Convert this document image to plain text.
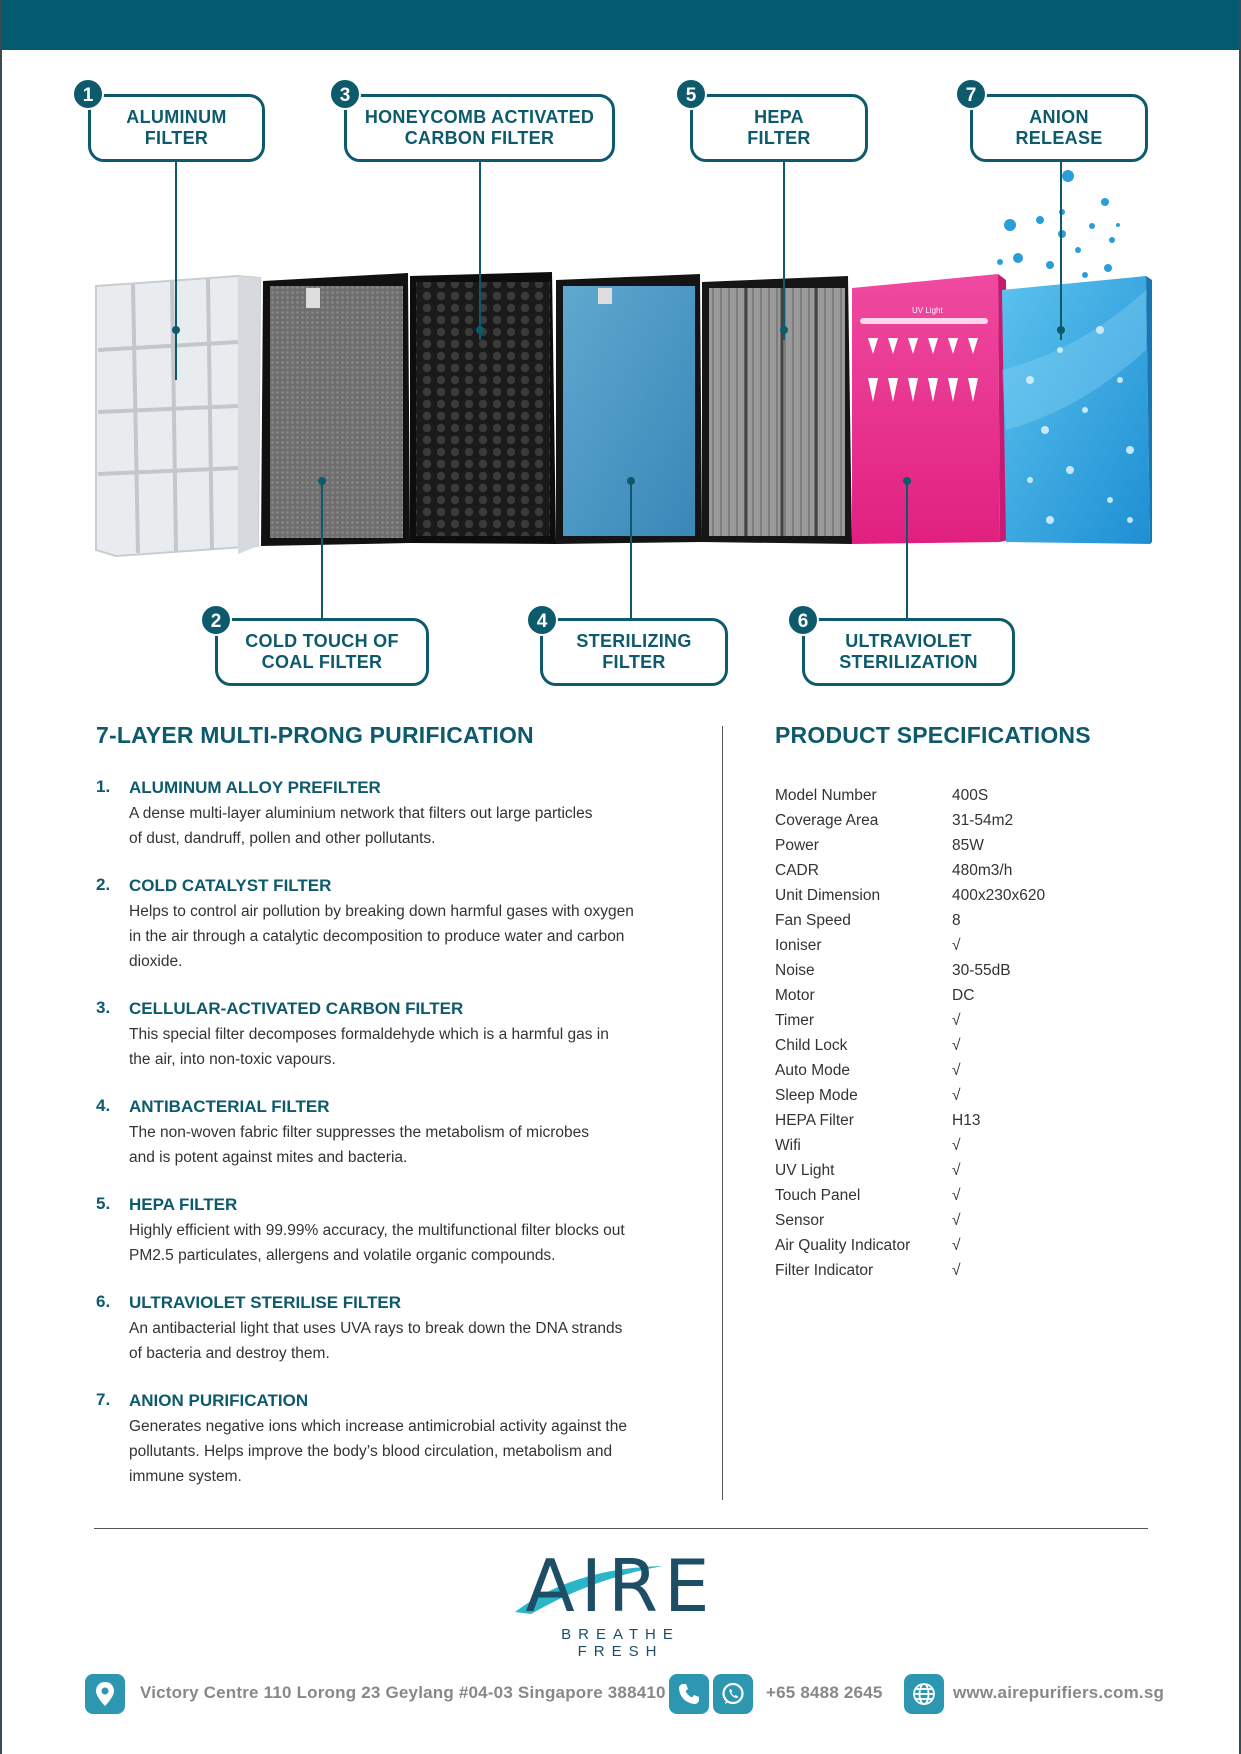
UV Light
ALUMINUM
FILTER
1
COLD TOUCH OF
COAL FILTER
2
HONEYCOMB ACTIVATED
CARBON FILTER
3
STERILIZING
FILTER
4
HEPA
FILTER
5
ULTRAVIOLET
STERILIZATION
6
ANION
RELEASE
7
7-LAYER MULTI-PRONG PURIFICATION
1. ALUMINUM ALLOY PREFILTER
A dense multi-layer aluminium network that filters out large particles
of dust, dandruff, pollen and other pollutants.
2. COLD CATALYST FILTER
Helps to control air pollution by breaking down harmful gases with oxygen
in the air through a catalytic decomposition to produce water and carbon
dioxide.
3. CELLULAR-ACTIVATED CARBON FILTER
This special filter decomposes formaldehyde which is a harmful gas in
the air, into non-toxic vapours.
4. ANTIBACTERIAL FILTER
The non-woven fabric filter suppresses the metabolism of microbes
and is potent against mites and bacteria.
5. HEPA FILTER
Highly efficient with 99.99% accuracy, the multifunctional filter blocks out
PM2.5 particulates, allergens and volatile organic compounds.
6. ULTRAVIOLET STERILISE FILTER
An antibacterial light that uses UVA rays to break down the DNA strands
of bacteria and destroy them.
7. ANION PURIFICATION
Generates negative ions which increase antimicrobial activity against the
pollutants. Helps improve the body’s blood circulation, metabolism and
immune system.
PRODUCT SPECIFICATIONS
Model Number	400S
Coverage Area	31-54m2
Power	85W
CADR	480m3/h
Unit Dimension	400x230x620
Fan Speed	8
Ioniser	√
Noise	30-55dB
Motor	DC
Timer	√
Child Lock	√
Auto Mode	√
Sleep Mode	√
HEPA Filter	H13
Wifi	√
UV Light	√
Touch Panel	√
Sensor	√
Air Quality Indicator	√
Filter Indicator	√
AIRE
BREATHE FRESH
Victory Centre 110 Lorong 23 Geylang #04-03 Singapore 388410	+65 8488 2645	www.airepurifiers.com.sg
